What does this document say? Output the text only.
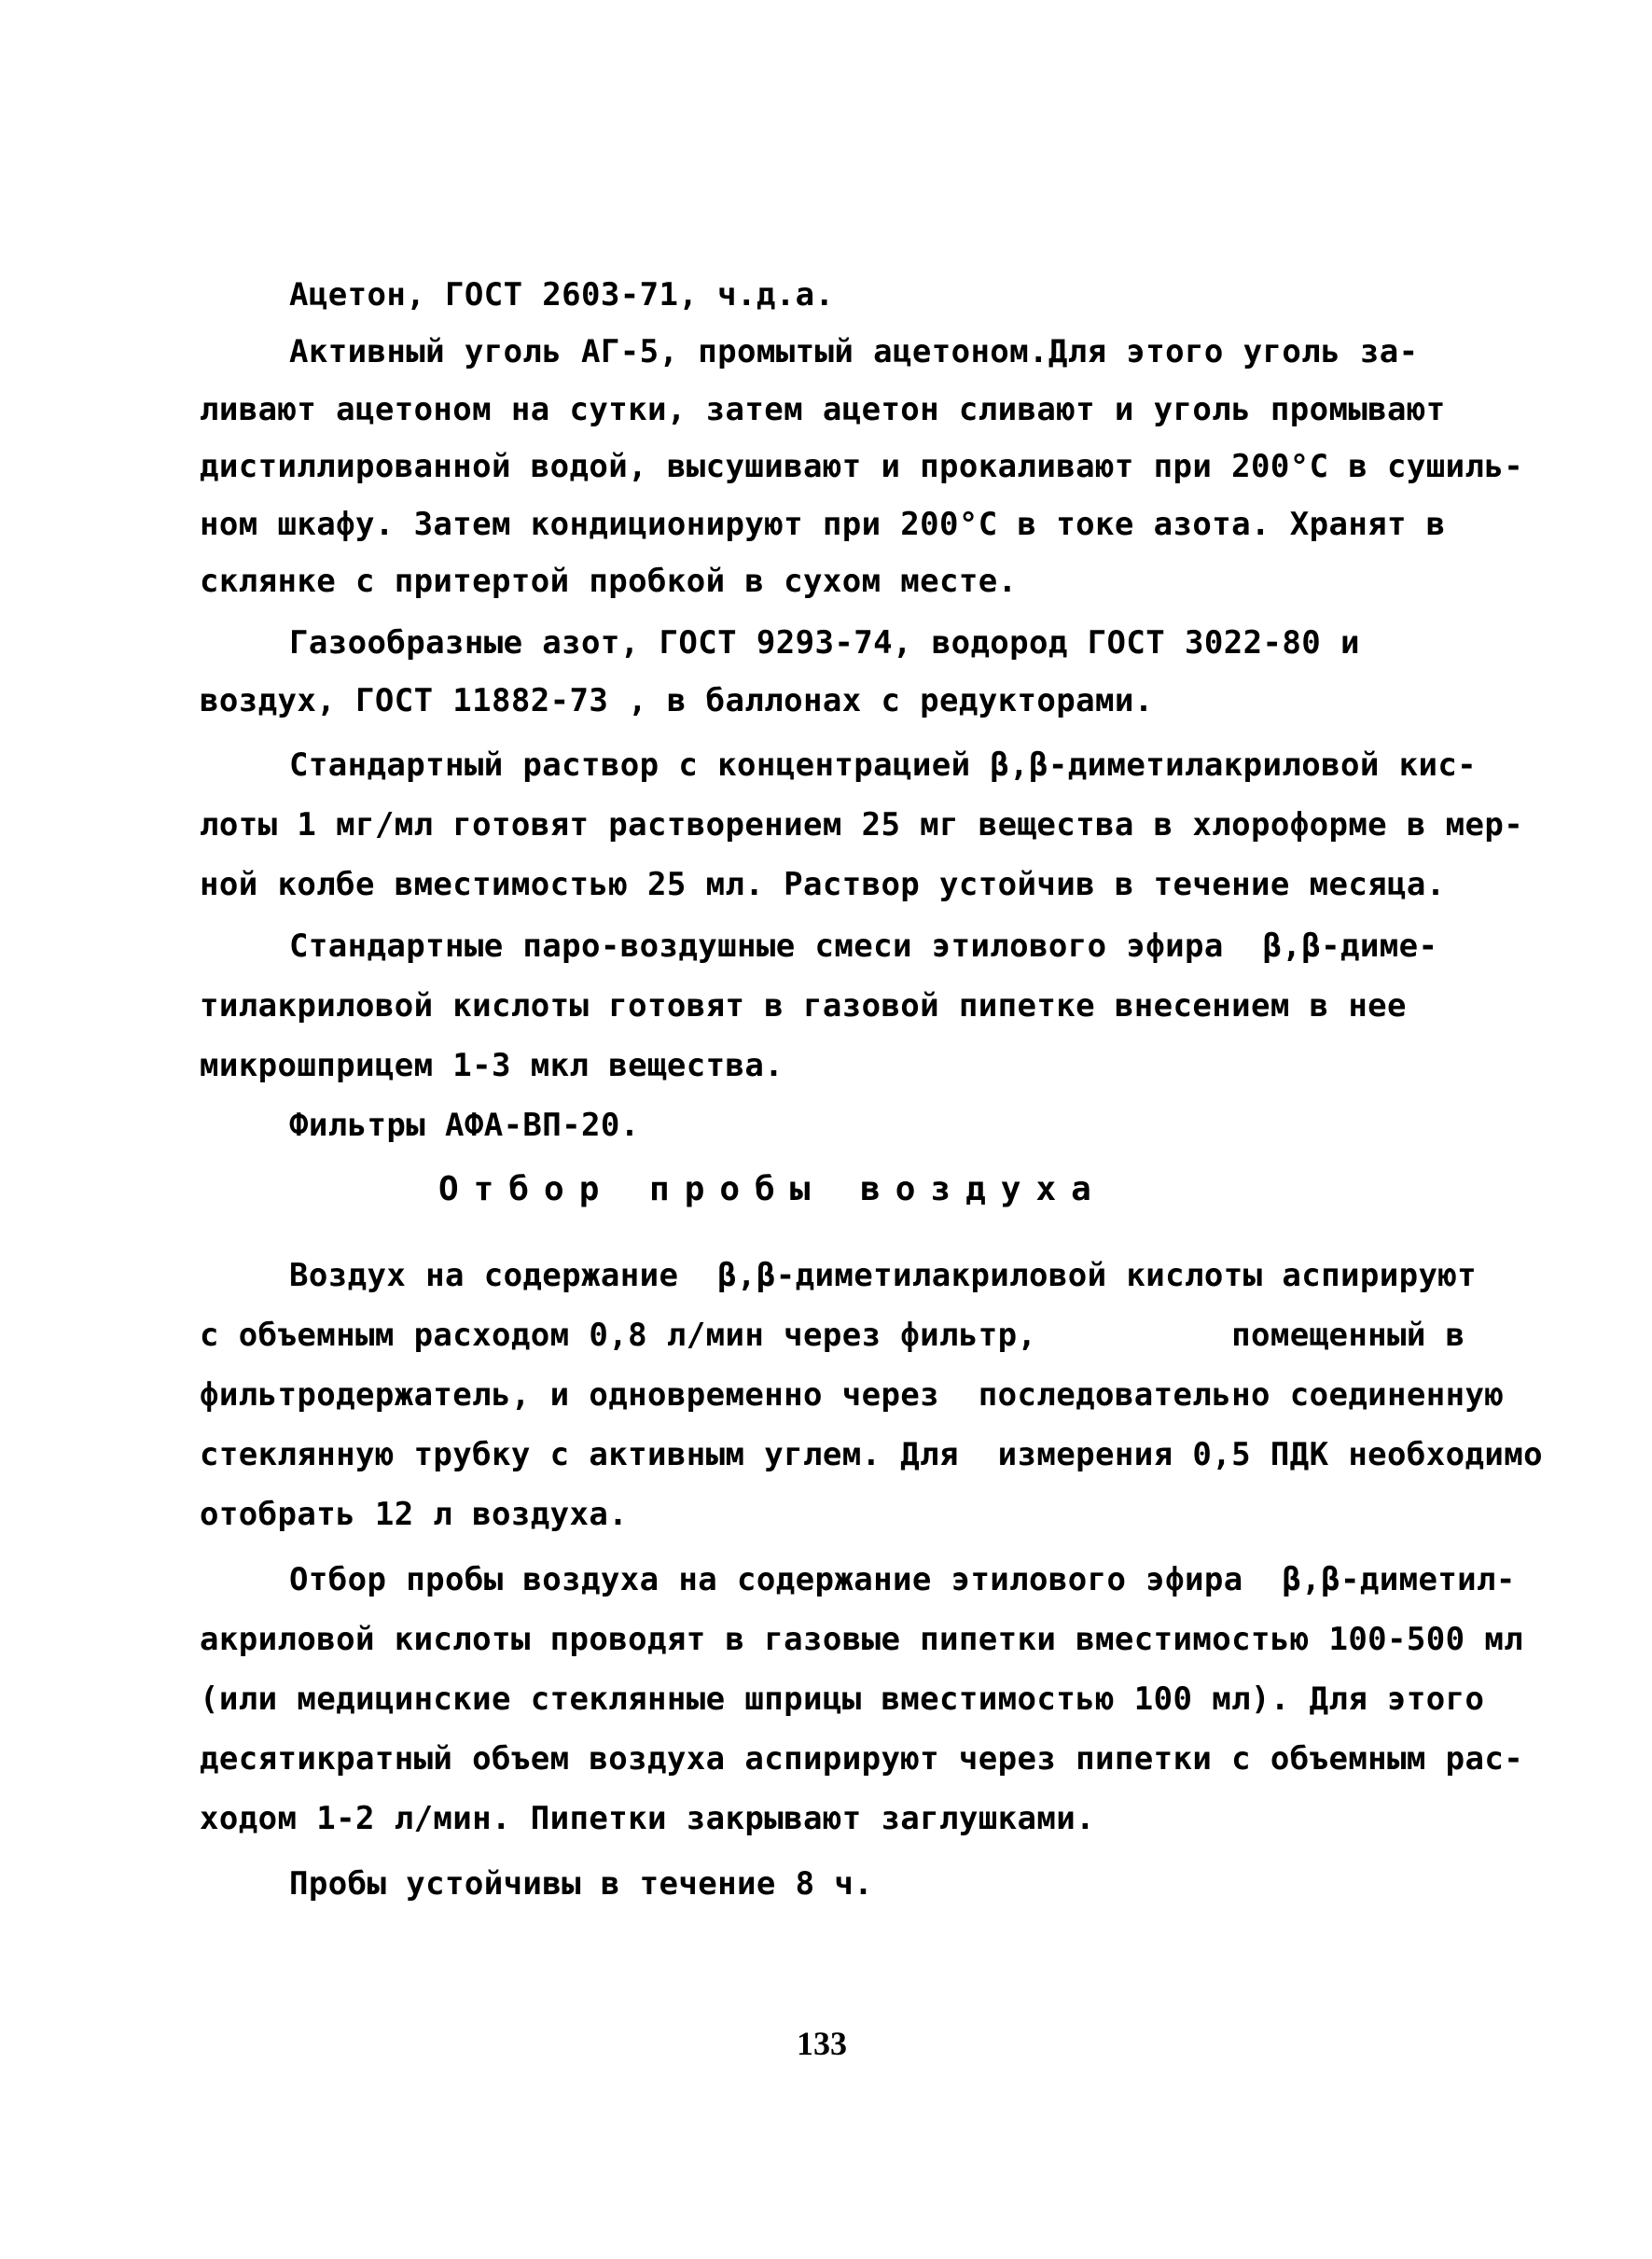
Ацетон, ГОСТ 2603-71, ч.д.а.
Активный уголь АГ-5, промытый ацетоном.Для этого уголь за-
ливают ацетоном на сутки, затем ацетон сливают и уголь промывают
дистиллированной водой, высушивают и прокаливают при 200°С в сушиль-
ном шкафу. Затем кондиционируют при 200°С в токе азота. Хранят в
склянке с притертой пробкой в сухом месте.
Газообразные азот, ГОСТ 9293-74, водород ГОСТ 3022-80 и
воздух, ГОСТ 11882-73 , в баллонах с редукторами.
Стандартный раствор с концентрацией β,β-диметилакриловой кис-
лоты 1 мг/мл готовят растворением 25 мг вещества в хлороформе в мер-
ной колбе вместимостью 25 мл. Раствор устойчив в течение месяца.
Стандартные паро-воздушные смеси этилового эфира  β,β-диме-
тилакриловой кислоты готовят в газовой пипетке внесением в нее
микрошприцем 1-3 мкл вещества.
Фильтры АФА-ВП-20.
Отбор пробы воздуха
Воздух на содержание  β,β-диметилакриловой кислоты аспирируют
с объемным расходом 0,8 л/мин через фильтр,          помещенный в
фильтродержатель, и одновременно через  последовательно соединенную
стеклянную трубку с активным углем. Для  измерения 0,5 ПДК необходимо
отобрать 12 л воздуха.
Отбор пробы воздуха на содержание этилового эфира  β,β-диметил-
акриловой кислоты проводят в газовые пипетки вместимостью 100-500 мл
(или медицинские стеклянные шприцы вместимостью 100 мл). Для этого
десятикратный объем воздуха аспирируют через пипетки с объемным рас-
ходом 1-2 л/мин. Пипетки закрывают заглушками.
Пробы устойчивы в течение 8 ч.
133
